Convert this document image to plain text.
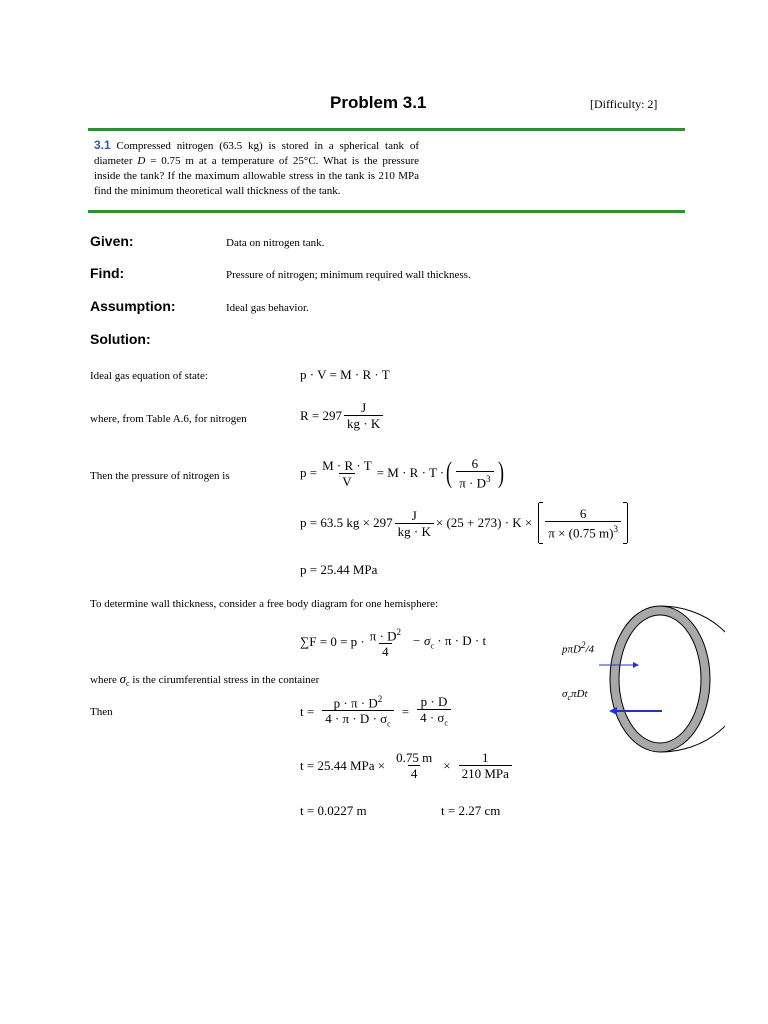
Problem 3.1	[Difficulty: 2]
3.1 Compressed nitrogen (63.5 kg) is stored in a spherical tank of diameter D = 0.75 m at a temperature of 25°C. What is the pressure inside the tank? If the maximum allowable stress in the tank is 210 MPa find the minimum theoretical wall thickness of the tank.
Given:	Data on nitrogen tank.
Find:	Pressure of nitrogen; minimum required wall thickness.
Assumption:	Ideal gas behavior.
Solution:
Ideal gas equation of state:	p · V = M · R · T
where, from Table A.6, for nitrogen	$R = 297 \frac{J}{kg \cdot K}$
Then the pressure of nitrogen is	$p = \frac{M \cdot R \cdot T}{V} = M \cdot R \cdot T$ · ( $\frac{6}{\pi \cdot D^3}$ )
p = 63.5 kg × $297 \frac{J}{kg \cdot K} \times (25 + 273) \cdot K \times \frac{6}{\pi \times (0.75 m)^3}$
p = 25.44 MPa
To determine wall thickness, consider a free body diagram for one hemisphere:
$\sum F = 0 = p \cdot \frac{\pi \cdot D^2}{4} - \sigma_c \cdot \pi \cdot D \cdot t$
where $\sigma_c$ is the cirumferential stress in the container
Then	$t = \frac{p \cdot \pi \cdot D^2}{4 \cdot \pi \cdot D \cdot \sigma_c} = \frac{p \cdot D}{4 \cdot \sigma_c}$
t = 25.44 MPa × $\frac{0.75 m}{4} \times \frac{1}{\text{210 MPa}}$
t = 0.0227 m	t = 2.27 cm
pπD$^2$/4
$\sigma_c\pi Dt$
